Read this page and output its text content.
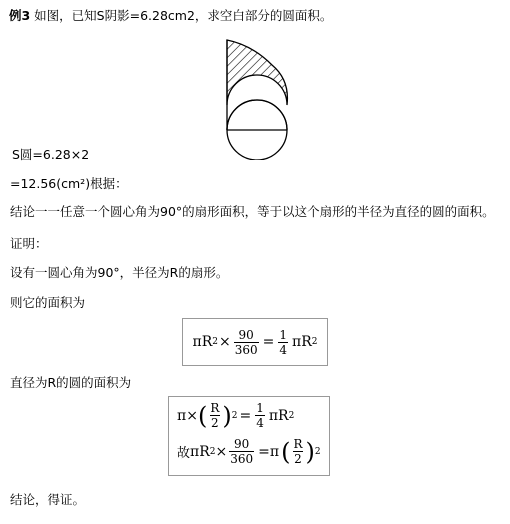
例3 如图，已知S阴影=6.28cm2，求空白部分的圆面积。
S圆=6.28×2
=12.56(cm²)根据：
结论一一任意一个圆心角为90°的扇形面积，等于以这个扇形的半径为直径的圆的面积。
证明：
设有一圆心角为90°，半径为R的扇形。
则它的面积为
π R $2 \times \frac{90}{360} = \frac{1}{4}$ π R 2
直径为R的圆的面积为
π× ( $\frac{R}{2}$ ) $2 = \frac{1}{4}$ πR 2
故 πR $2 \times \frac{90}{360} =\pi$ ( $\frac{R}{2}$ ) 2
结论，得证。
